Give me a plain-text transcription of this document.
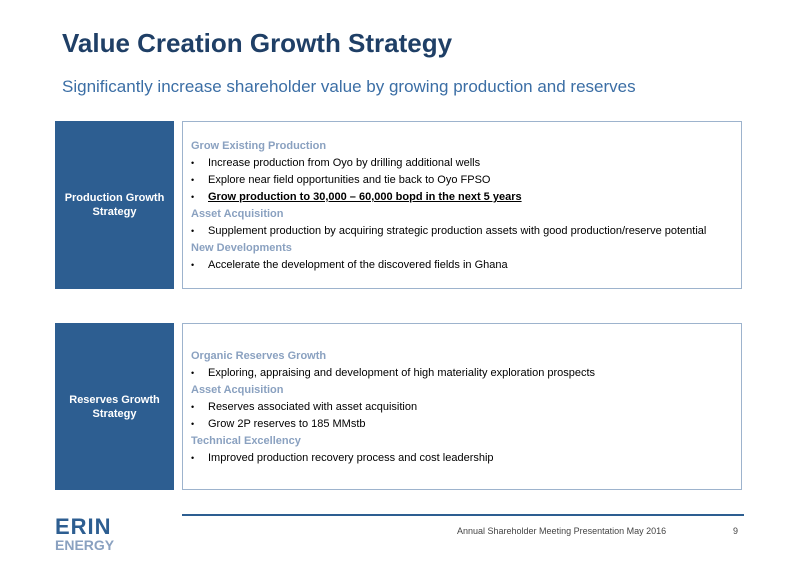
Value Creation Growth Strategy
Significantly increase shareholder value by growing production and reserves
Production Growth Strategy
Grow Existing Production
• Increase production from Oyo by drilling additional wells
• Explore near field opportunities and tie back to Oyo FPSO
• Grow production to 30,000 – 60,000 bopd in the next 5 years
Asset Acquisition
• Supplement production by acquiring strategic production assets with good production/reserve potential
New Developments
• Accelerate the development of the discovered fields in Ghana
Reserves Growth Strategy
Organic Reserves Growth
• Exploring, appraising and development of high materiality exploration prospects
Asset Acquisition
• Reserves associated with asset acquisition
• Grow 2P reserves to 185 MMstb
Technical Excellency
• Improved production recovery process and cost leadership
ERIN
ENERGY
Annual Shareholder Meeting Presentation May 2016	9
